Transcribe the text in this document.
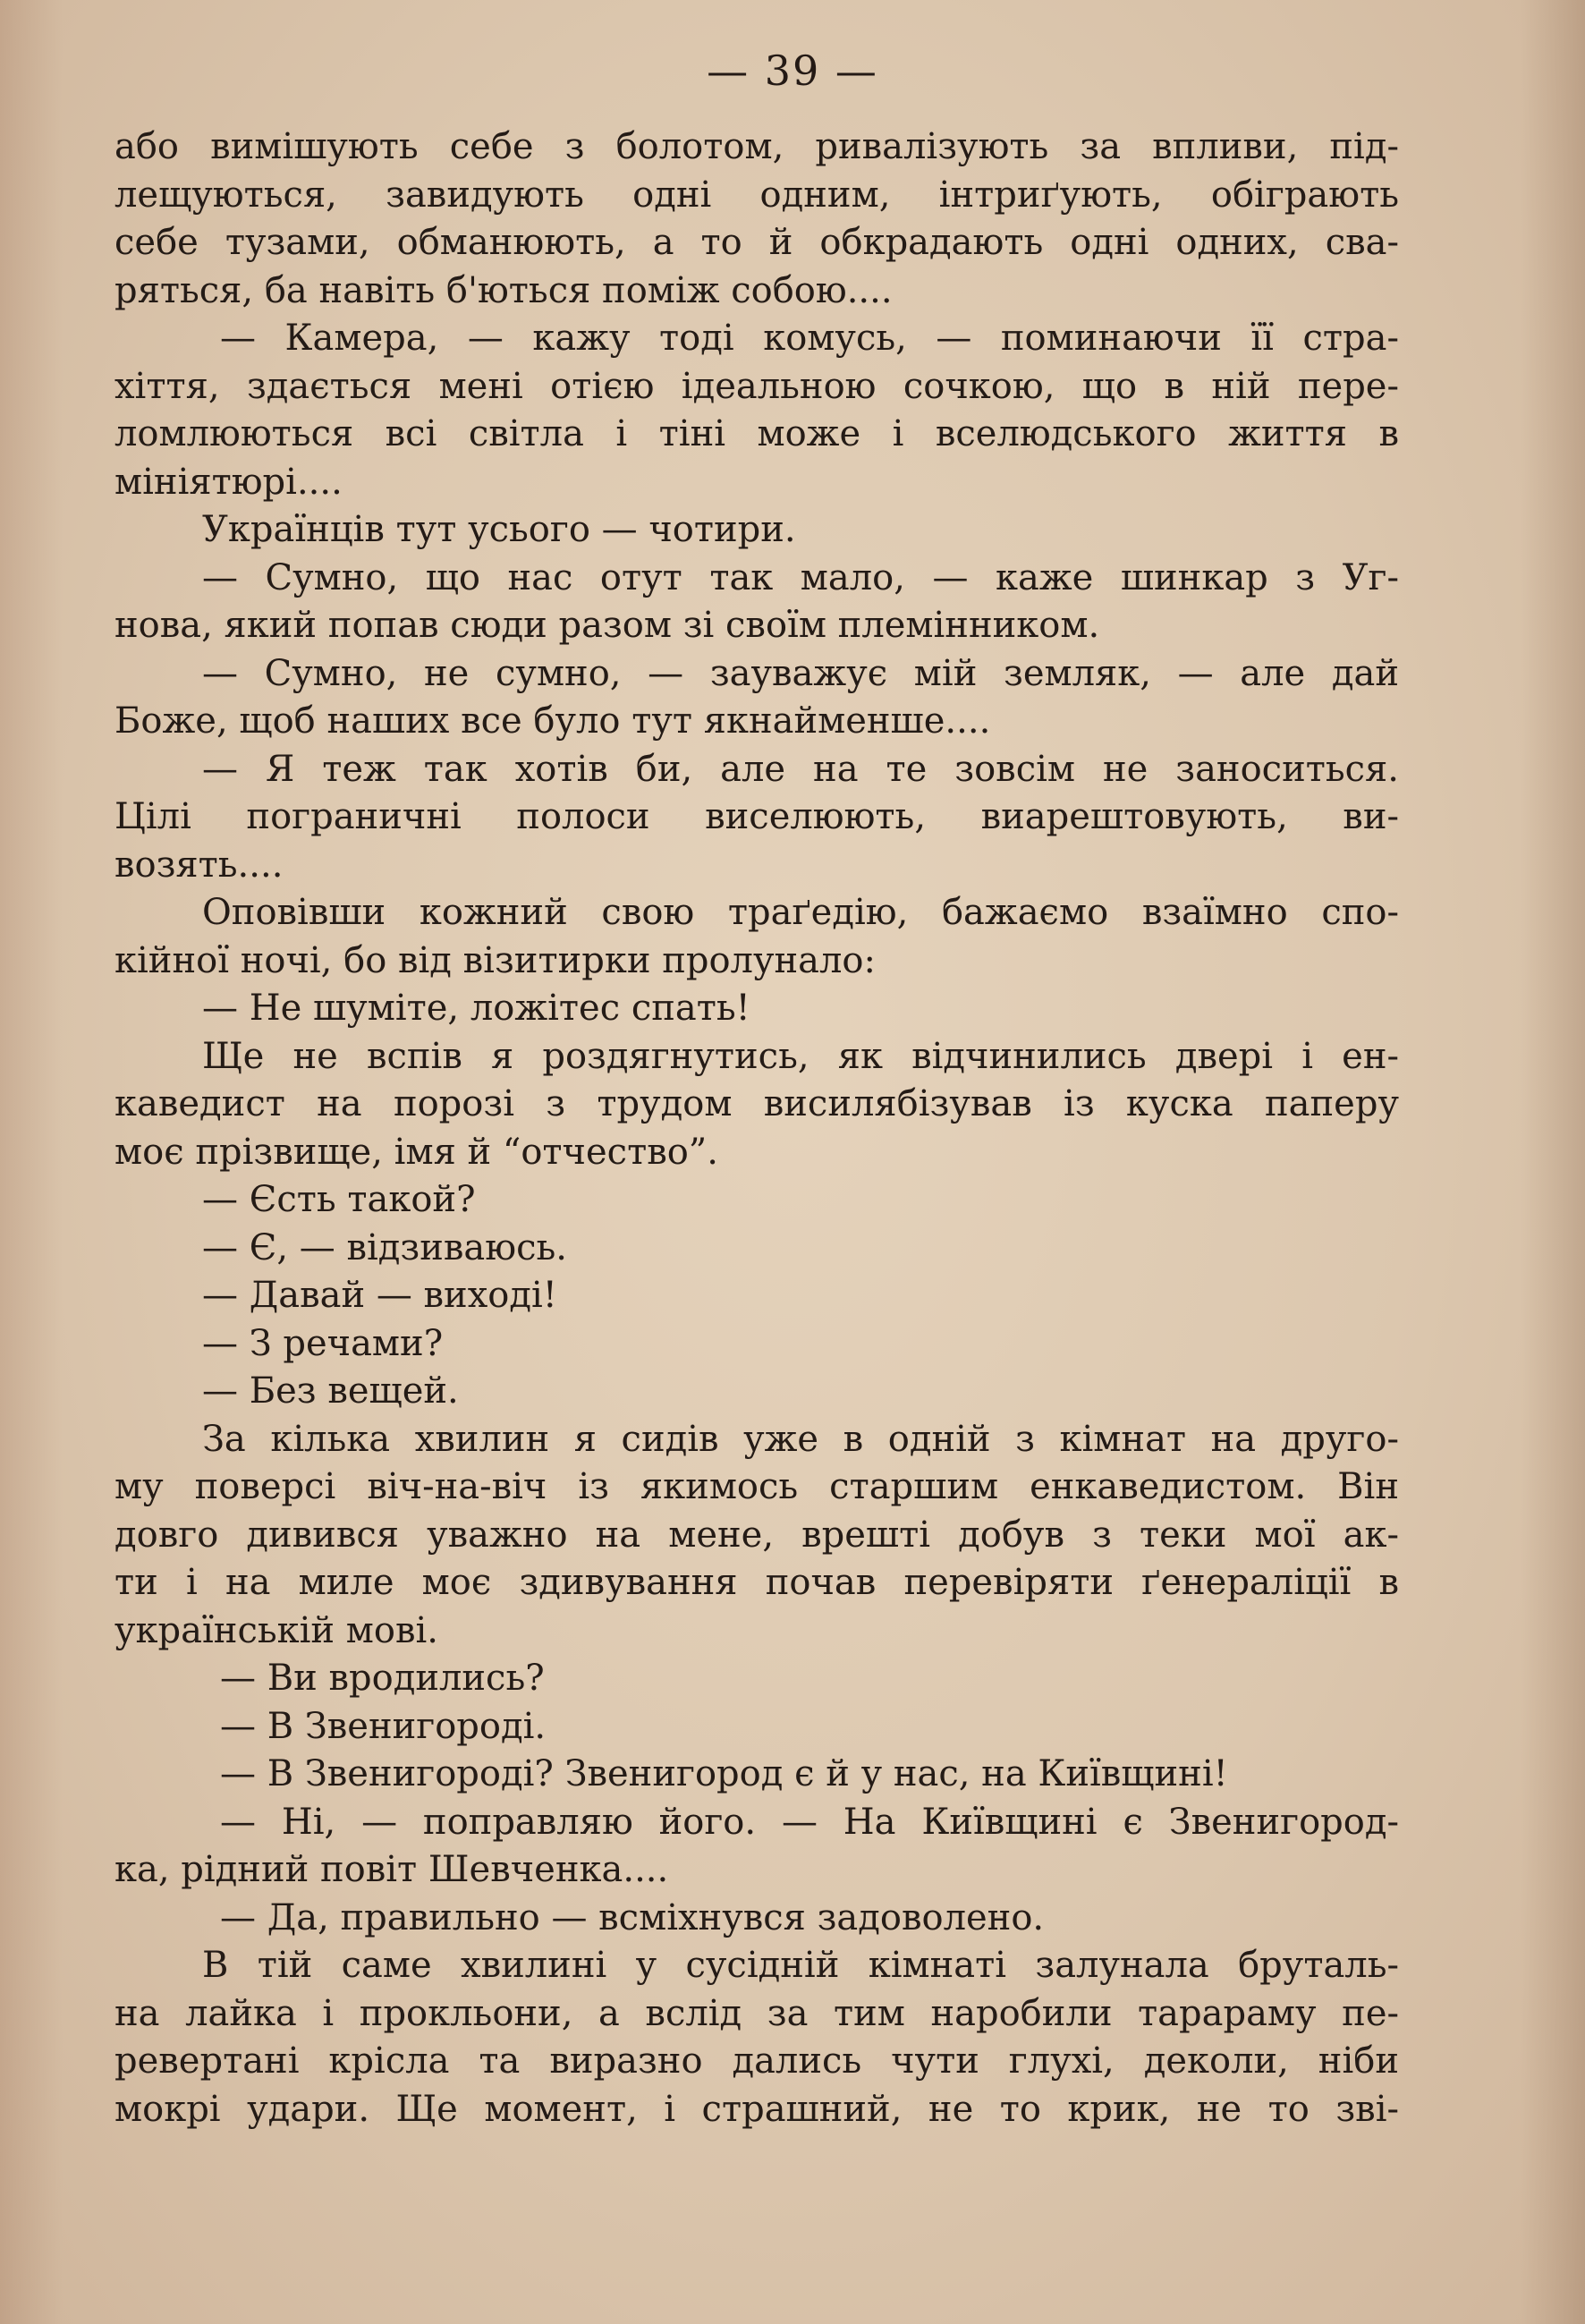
— 39 —
або вимішують себе з болотом, ривалізують за впливи, під-
лещуються, завидують одні одним, інтриґують, обіграють
себе тузами, обманюють, а то й обкрадають одні одних, сва-
ряться, ба навіть б'ються поміж собою....
— Камера, — кажу тоді комусь, — поминаючи її стра-
хіття, здається мені отією ідеальною сочкою, що в ній пере-
ломлюються всі світла і тіні може і вселюдського життя в
мініятюрі....
Українців тут усього — чотири.
— Сумно, що нас отут так мало, — каже шинкар з Уг-
нова, який попав сюди разом зі своїм племінником.
— Сумно, не сумно, — зауважує мій земляк, — але дай
Боже, щоб наших все було тут якнайменше....
— Я теж так хотів би, але на те зовсім не заноситься.
Цілі пограничні полоси виселюють, виарештовують, ви-
возять....
Оповівши кожний свою траґедію, бажаємо взаїмно спо-
кійної ночі, бо від візитирки пролунало:
— Не шуміте, ложітес спать!
Ще не вспів я роздягнутись, як відчинились двері і ен-
каведист на порозі з трудом висилябізував із куска паперу
моє прізвище, імя й “отчество”.
— Єсть такой?
— Є, — відзиваюсь.
— Давай — виході!
— З речами?
— Без вещей.
За кілька хвилин я сидів уже в одній з кімнат на друго-
му поверсі віч-на-віч із якимось старшим енкаведистом. Він
довго дивився уважно на мене, врешті добув з теки мої ак-
ти і на миле моє здивування почав перевіряти ґенераліції в
українській мові.
— Ви вродились?
— В Звенигороді.
— В Звенигороді? Звенигород є й у нас, на Київщині!
— Ні, — поправляю його. — На Київщині є Звенигород-
ка, рідний повіт Шевченка....
— Да, правильно — всміхнувся задоволено.
В тій саме хвилині у сусідній кімнаті залунала бруталь-
на лайка і прокльони, а вслід за тим наробили тарараму пе-
ревертані крісла та виразно дались чути глухі, деколи, ніби
мокрі удари. Ще момент, і страшний, не то крик, не то зві-
